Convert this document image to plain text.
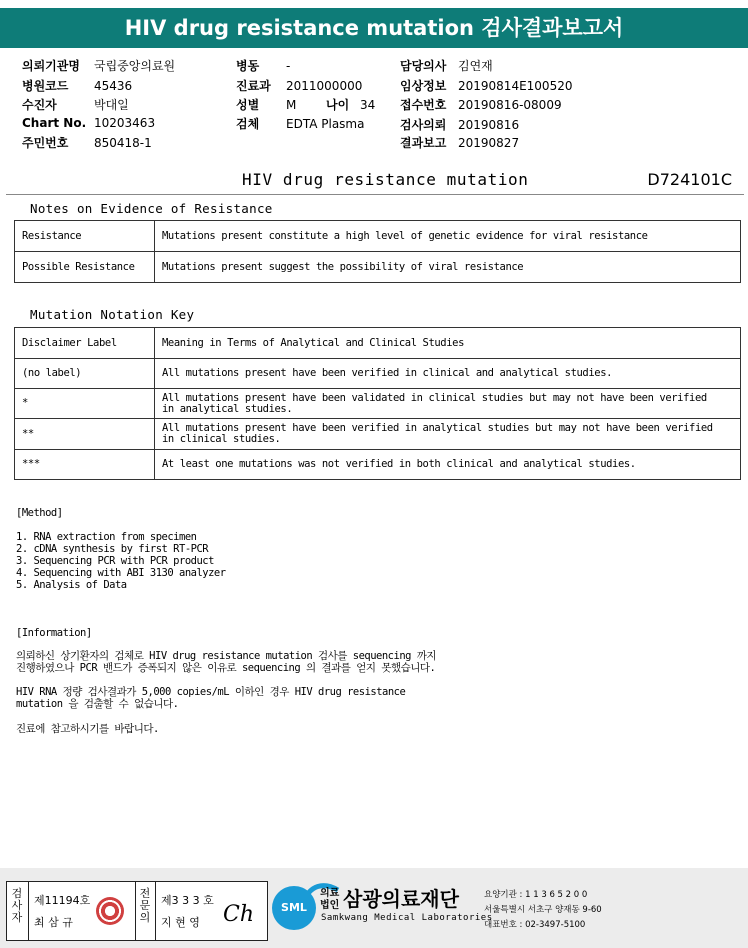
HIV drug resistance mutation 검사결과보고서
의뢰기관명 국립중앙의료원
병원코드 45436
수진자	박대일
Chart No. 10203463
주민번호 850418-1
병동 -
진료과 2011000000
성별 M 나이 34
검체 EDTA Plasma
담당의사 김연재
임상정보 20190814E100520
접수번호 20190816-08009
검사의뢰 20190816
결과보고 20190827
HIV drug resistance mutation	D724101C
Notes on Evidence of Resistance
Resistance	Mutations present constitute a high level of genetic evidence for viral resistance
Possible Resistance	Mutations present suggest the possibility of viral resistance
Mutation Notation Key
Disclaimer Label	Meaning in Terms of Analytical and Clinical Studies
(no label)	All mutations present have been verified in clinical and analytical studies.
*	All mutations present have been validated in clinical studies but may not have been verified
in analytical studies.
**	All mutations present have been verified in analytical studies but may not have been verified
in clinical studies.
***	At least one mutations was not verified in both clinical and analytical studies.
[Method]
1. RNA extraction from specimen
2. cDNA synthesis by first RT-PCR
3. Sequencing PCR with PCR product
4. Sequencing with ABI 3130 analyzer
5. Analysis of Data
[Information]
의뢰하신 상기환자의 검체로 HIV drug resistance mutation 검사를 sequencing 까지
진행하였으나 PCR 밴드가 증폭되지 않은 이유로 sequencing 의 결과를 얻지 못했습니다.
HIV RNA 정량 검사결과가 5,000 copies/mL 이하인 경우 HIV drug resistance
mutation 을 검출할 수 없습니다.
진료에 참고하시기를 바랍니다.
검사자
제11194호
최 삼 규
전문의
제3 3 3 호
지 현 영 Ch	SML
의료
법인 삼광의료재단
Samkwang Medical Laboratories
요양기관 : 1 1 3 6 5 2 0 0
서울특별시 서초구 양재동 9-60
대표번호 : 02-3497-5100
